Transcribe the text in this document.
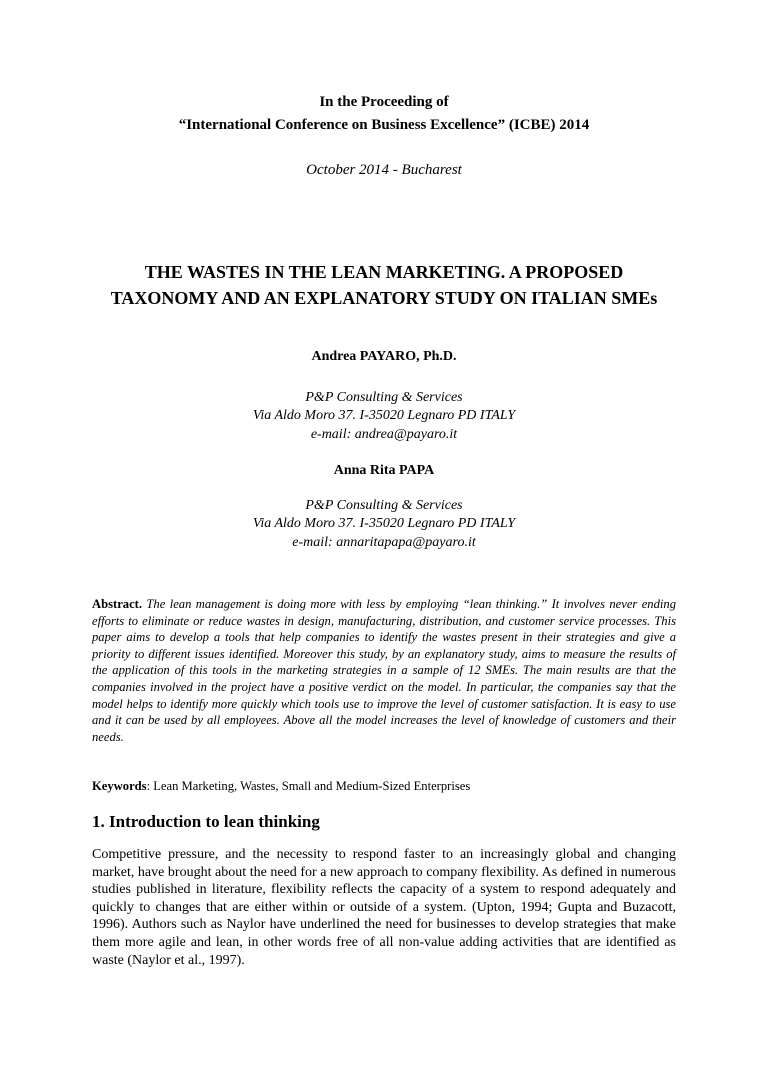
In the Proceeding of

“International Conference on Business Excellence” (ICBE) 2014

October 2014 - Bucharest

THE WASTES IN THE LEAN MARKETING. A PROPOSED

TAXONOMY AND AN EXPLANATORY STUDY ON ITALIAN SMEs

Andrea PAYARO, Ph.D.

P&P Consulting & Services

Via Aldo Moro 37. I-35020 Legnaro PD ITALY

e-mail: andrea@payaro.it

Anna Rita PAPA

P&P Consulting & Services

Via Aldo Moro 37. I-35020 Legnaro PD ITALY

e-mail: annaritapapa@payaro.it

Abstract. The lean management is doing more with less by employing “lean thinking.” It involves never ending efforts to eliminate or reduce wastes in design, manufacturing, distribution, and customer service processes. This paper aims to develop a tools that help companies to identify the wastes present in their strategies and give a priority to different issues identified. Moreover this study, by an explanatory study, aims to measure the results of the application of this tools in the marketing strategies in a sample of 12 SMEs. The main results are that the companies involved in the project have a positive verdict on the model. In particular, the companies say that the model helps to identify more quickly which tools use to improve the level of customer satisfaction. It is easy to use and it can be used by all employees. Above all the model increases the level of knowledge of customers and their needs.

Keywords: Lean Marketing, Wastes, Small and Medium-Sized Enterprises

1. Introduction to lean thinking

Competitive pressure, and the necessity to respond faster to an increasingly global and changing market, have brought about the need for a new approach to company flexibility. As defined in numerous studies published in literature, flexibility reflects the capacity of a system to respond adequately and quickly to changes that are either within or outside of a system. (Upton, 1994; Gupta and Buzacott, 1996). Authors such as Naylor have underlined the need for businesses to develop strategies that make them more agile and lean, in other words free of all non-value adding activities that are identified as waste (Naylor et al., 1997).
